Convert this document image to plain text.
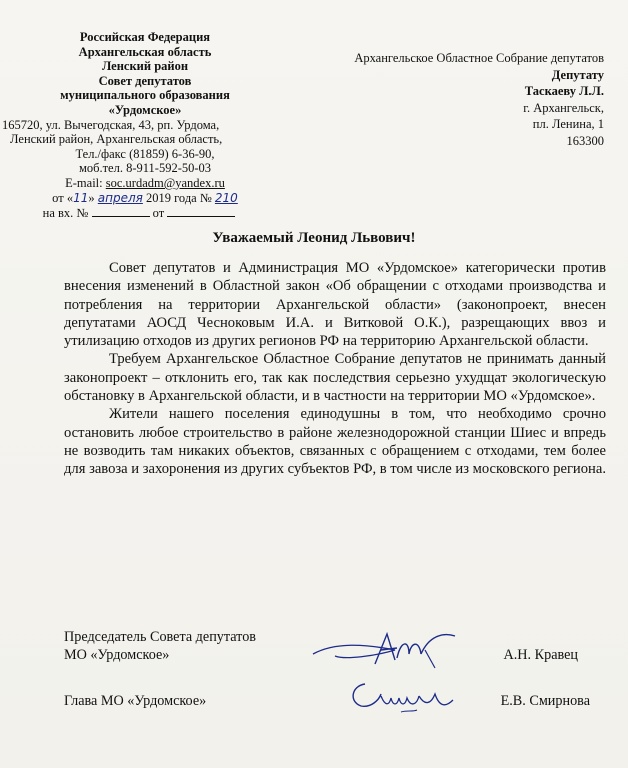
Российская Федерация
Архангельская область
Ленский район
Совет депутатов
муниципального образования
«Урдомское»
165720, ул. Вычегодская, 43, рп. Урдома,
Ленский район, Архангельская область,
Тел./факс (81859) 6-36-90,
моб.тел. 8-911-592-50-03
E-mail: soc.urdadm@yandex.ru
от «11» апреля 2019 года № 210
на вх. №	от
Архангельское Областное Собрание депутатов
Депутату
Таскаеву Л.Л.
г. Архангельск,
пл. Ленина, 1
163300
Уважаемый Леонид Львович!

Совет депутатов и Администрация МО «Урдомское» категорически против внесения изменений в Областной закон «Об обращении с отходами производства и потребления на территории Архангельской области» (законопроект, внесен депутатами АОСД Чесноковым И.А. и Витковой О.К.), разрещающих ввоз и утилизацию отходов из других регионов РФ на территорию Архангельской области.

Требуем Архангельское Областное Собрание депутатов не принимать данный законопроект – отклонить его, так как последствия серьезно ухудщат экологическую обстановку в Архангельской области, и в частности на территории МО «Урдомское».

Жители нашего поселения единодушны в том, что необходимо срочно остановить любое строительство в районе железнодорожной станции Шиес и впредь не возводить там никаких объектов, связанных с обращением с отходами, тем более для завоза и захоронения из других субъектов РФ, в том числе из московского региона.

Председатель Совета депутатов
МО «Урдомское»	А.Н. Кравец
Глава МО «Урдомское»	Е.В. Смирнова
